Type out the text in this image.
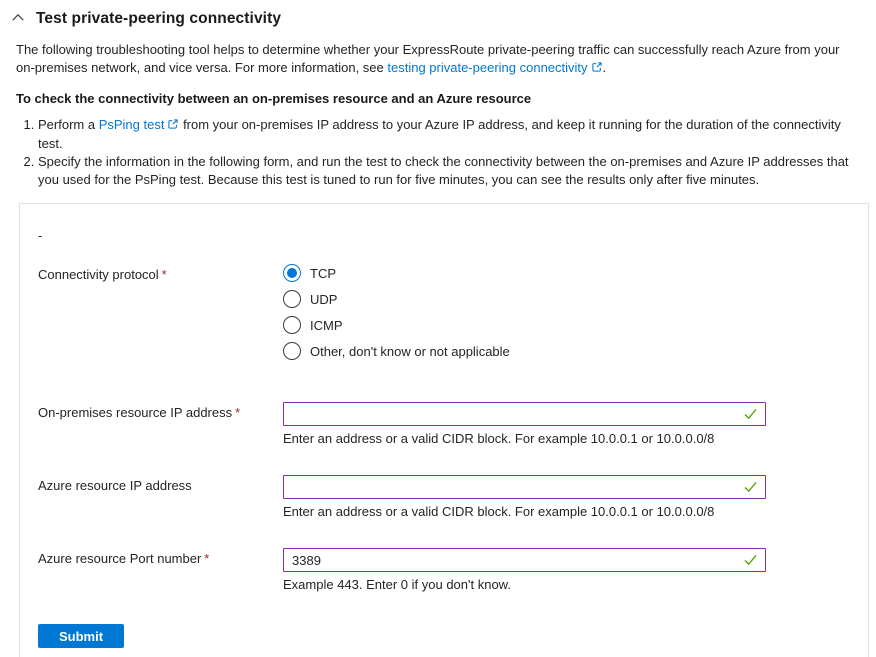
Test private-peering connectivity

The following troubleshooting tool helps to determine whether your ExpressRoute private-peering traffic can successfully reach Azure from your on-premises network, and vice versa. For more information, see testing private-peering connectivity .

To check the connectivity between an on-premises resource and an Azure resource
1. Perform a PsPing test from your on-premises IP address to your Azure IP address, and keep it running for the duration of the connectivity test.
2. Specify the information in the following form, and run the test to check the connectivity between the on-premises and Azure IP addresses that you used for the PsPing test. Because this test is tuned to run for five minutes, you can see the results only after five minutes.
-
Connectivity protocol *	TCP
UDP
ICMP
Other, don't know or not applicable
On-premises resource IP address *
Enter an address or a valid CIDR block. For example 10.0.0.1 or 10.0.0.0/8
Azure resource IP address
Enter an address or a valid CIDR block. For example 10.0.0.1 or 10.0.0.0/8
Azure resource Port number *
3389
Example 443. Enter 0 if you don't know.
Submit
